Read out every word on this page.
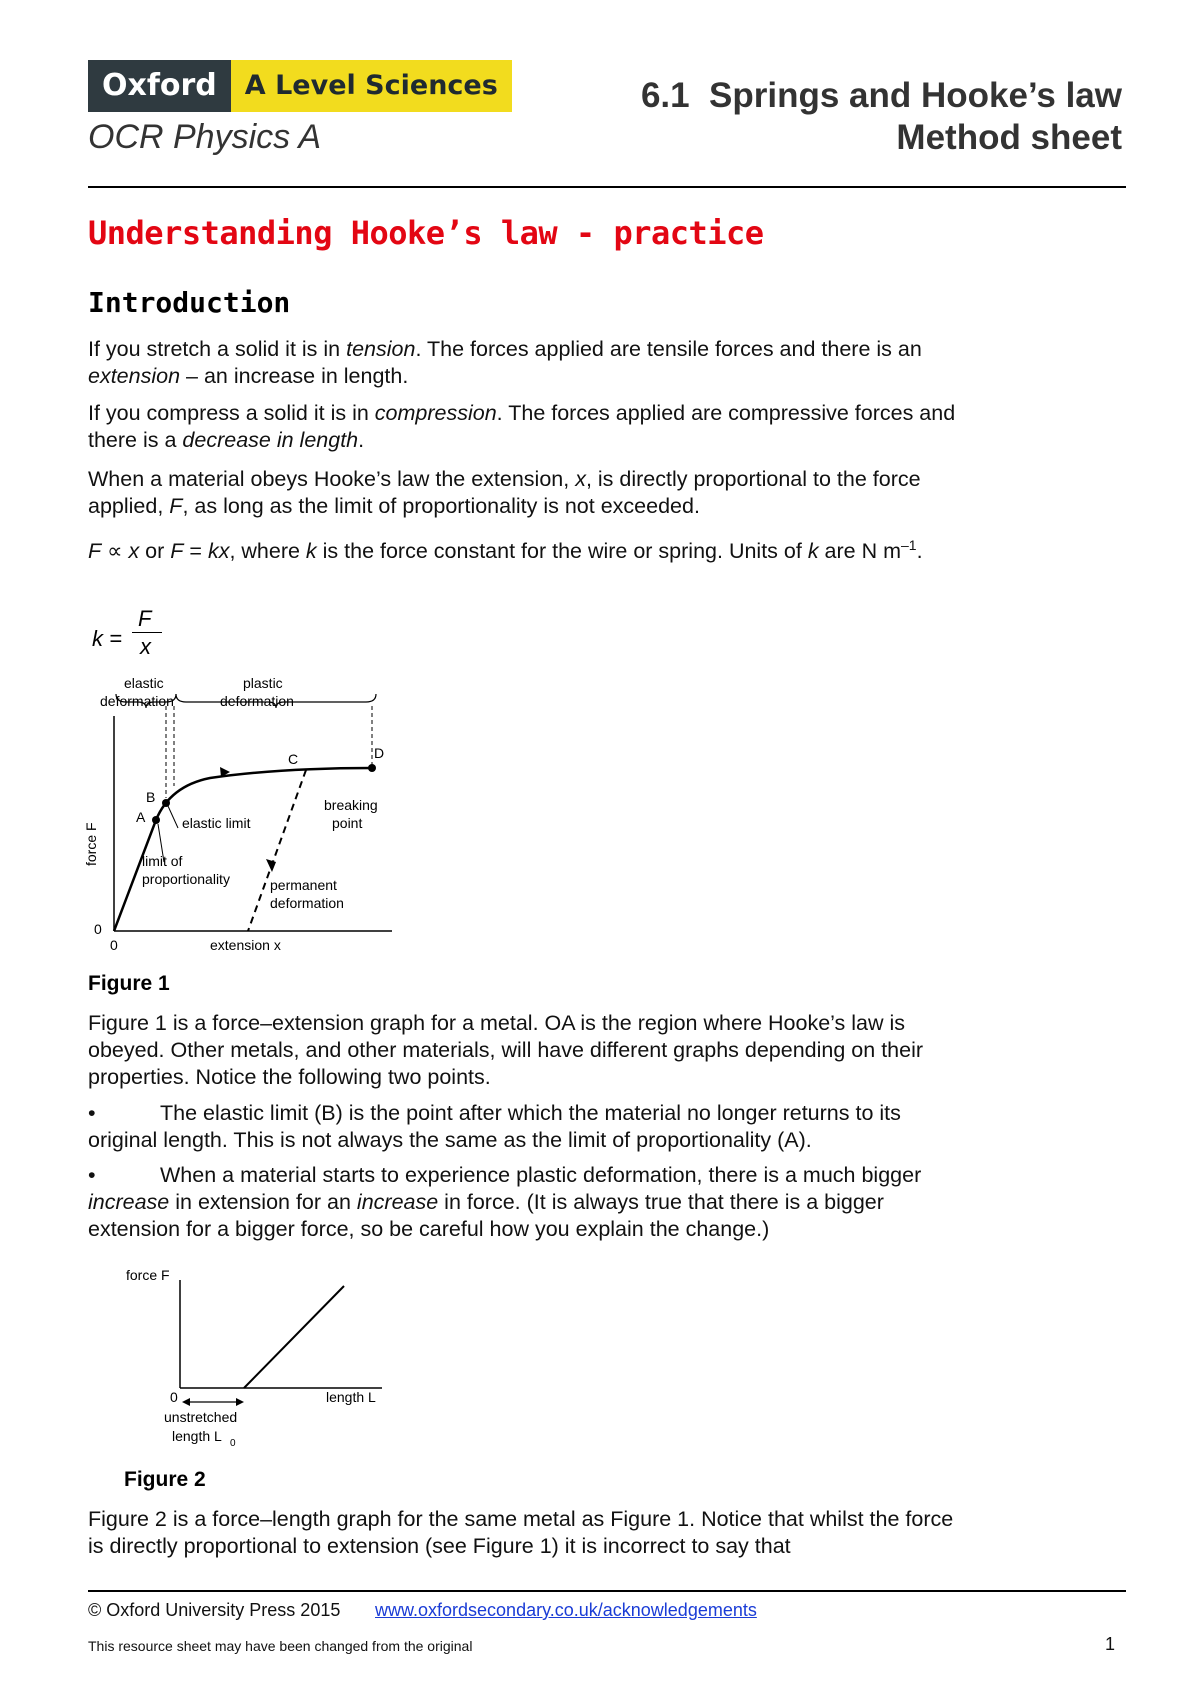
Oxford	A Level Sciences
OCR Physics A
6.1  Springs and Hooke’s law
Method sheet
Understanding Hooke’s law - practice
Introduction
If you stretch a solid it is in tension. The forces applied are tensile forces and there is an extension – an increase in length.
If you compress a solid it is in compression. The forces applied are compressive forces and there is a decrease in length.
When a material obeys Hooke’s law the extension, x, is directly proportional to the force applied, F, as long as the limit of proportionality is not exceeded.
F ∝ x or F = kx, where k is the force constant for the wire or spring. Units of k are N $m^{-1}$.
k =
F
x
elastic
deformation
plastic
deformation
C	D
B
A
breaking
point
elastic limit
limit of
proportionality	permanent
deformation
force F
0
0	extension x
Figure 1
Figure 1 is a force–extension graph for a metal. OA is the region where Hooke’s law is obeyed. Other metals, and other materials, will have different graphs depending on their properties. Notice the following two points.
•	The elastic limit (B) is the point after which the material no longer returns to its original length. This is not always the same as the limit of proportionality (A).
•	When a material starts to experience plastic deformation, there is a much bigger increase in extension for an increase in force. (It is always true that there is a bigger extension for a bigger force, so be careful how you explain the change.)
force F
0	length L
unstretched
length L 0
Figure 2
Figure 2 is a force–length graph for the same metal as Figure 1. Notice that whilst the force is directly proportional to extension (see Figure 1) it is incorrect to say that
© Oxford University Press 2015 www.oxfordsecondary.co.uk/acknowledgements
This resource sheet may have been changed from the original	1
